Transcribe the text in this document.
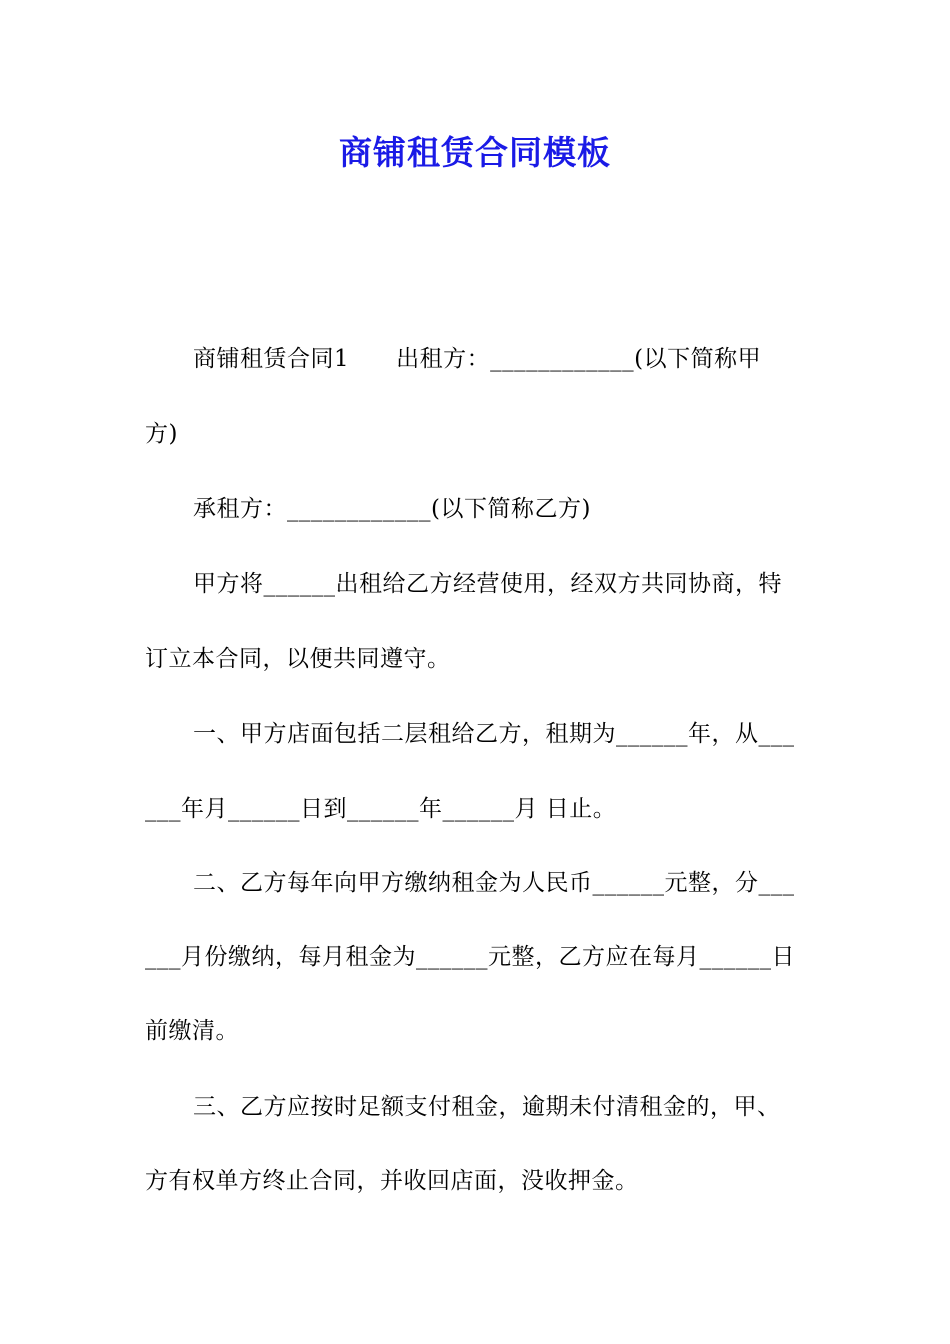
商铺租赁合同模板
商铺租赁合同1　　出租方：____________(以下简称甲
方)
承租方：____________(以下简称乙方)
甲方将______出租给乙方经营使用，经双方共同协商，特
订立本合同，以便共同遵守。
一、甲方店面包括二层租给乙方，租期为______年，从___
___年月______日到______年______月 日止。
二、乙方每年向甲方缴纳租金为人民币______元整，分___
___月份缴纳，每月租金为______元整，乙方应在每月______日
前缴清。
三、乙方应按时足额支付租金，逾期未付清租金的，甲、
方有权单方终止合同，并收回店面，没收押金。
